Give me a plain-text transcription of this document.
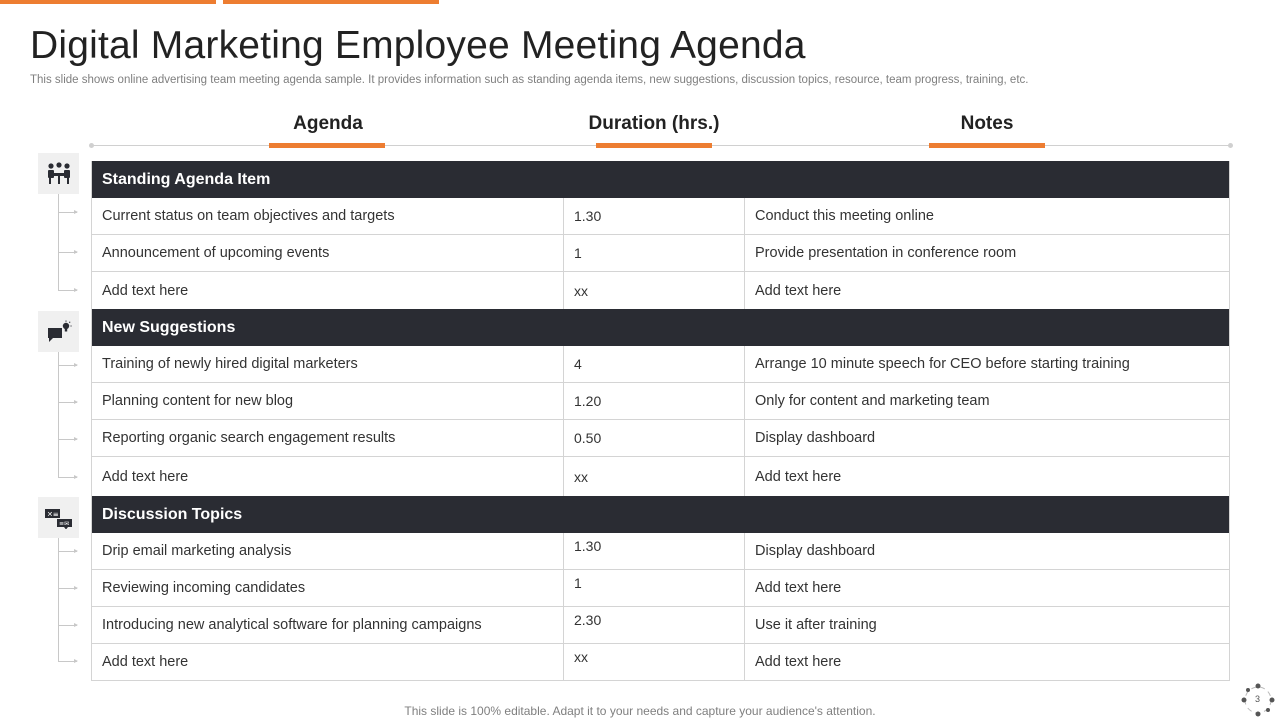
Digital Marketing Employee Meeting Agenda

This slide shows online advertising team meeting agenda sample. It provides information such as standing agenda items, new suggestions, discussion topics, resource, team progress, training, etc.

Agenda	Duration (hrs.)	Notes
✕≡
≡✉
Standing Agenda Item
Current status on team objectives and targets	1.30	Conduct this meeting online
Announcement of upcoming events	1	Provide presentation in conference room
Add text here	xx	Add text here
New Suggestions
Training of newly hired digital marketers	4	Arrange 10 minute speech for CEO before starting training
Planning content for new blog	1.20	Only for content and marketing team
Reporting organic search engagement results	0.50	Display dashboard
Add text here	xx	Add text here
Discussion Topics
Drip email marketing analysis	1.30	Display dashboard
Reviewing incoming candidates	1	Add text here
Introducing new analytical software for planning campaigns	2.30	Use it after training
Add text here	xx	Add text here
This slide is 100% editable. Adapt it to your needs and capture your audience's attention.
3
